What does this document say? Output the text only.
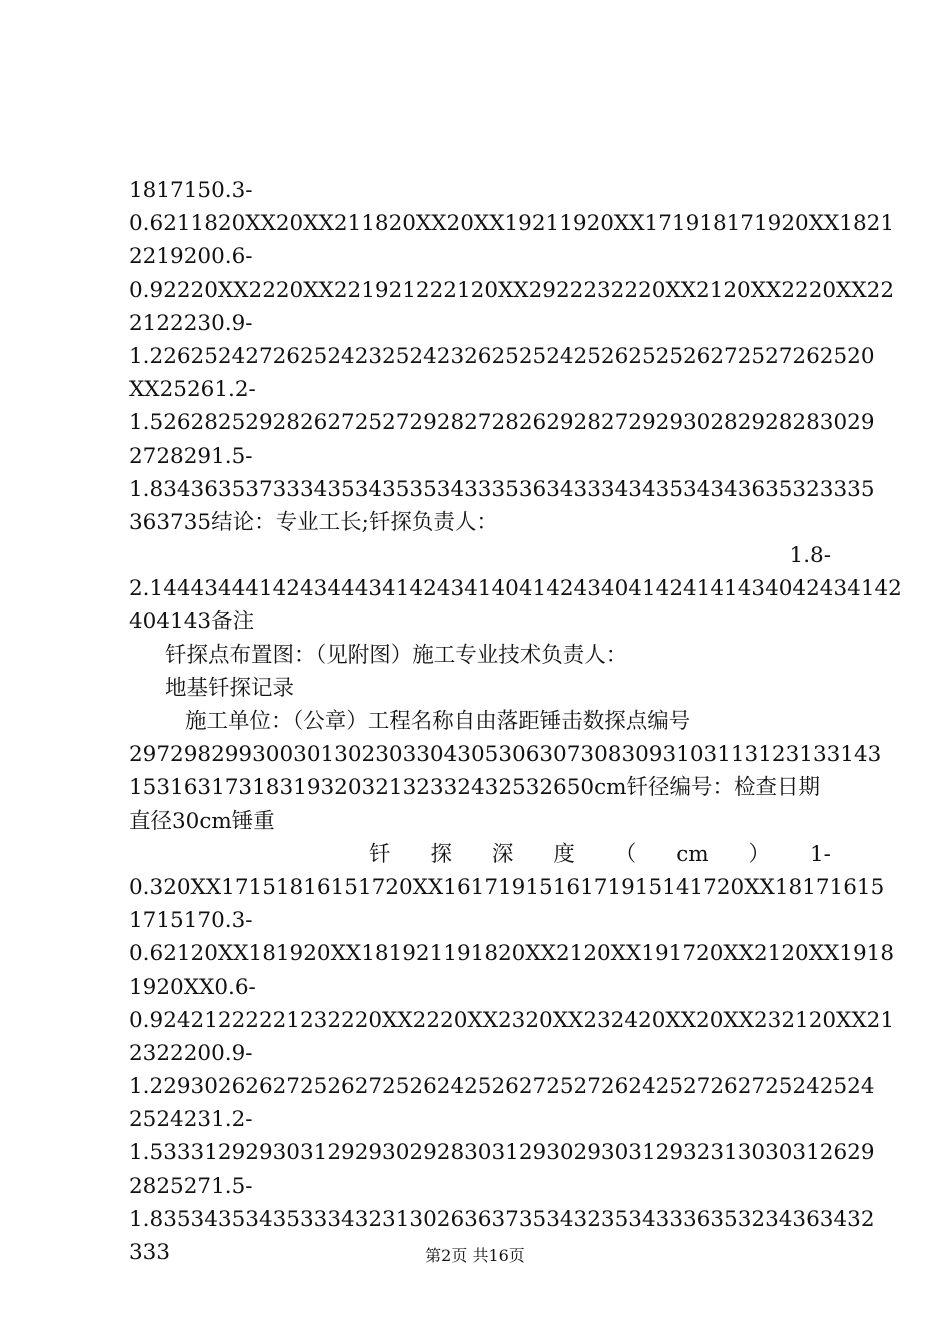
1817150.3-
0.6211820XX20XX211820XX20XX19211920XX171918171920XX1821
2219200.6-
0.92220XX2220XX221921222120XX2922232220XX2120XX2220XX22
2122230.9-
1.22625242726252423252423262525242526252526272527262520
XX25261.2-
1.52628252928262725272928272826292827292930282928283029
2728291.5-
1.83436353733343534353534333536343334343534343635323335
363735结论：专业工长;钎探负责人：
1.8-
2.1444344414243444341424341404142434041424141434042434142
404143备注
钎探点布置图：（见附图）施工专业技术负责人：
地基钎探记录
施工单位：（公章）工程名称自由落距锤击数探点编号
2972982993003013023033043053063073083093103113123133143
1531631731831932032132332432532650cm钎径编号：检查日期
直径30cm锤重
钎 探 深 度 （ cm ） 1-
0.320XX17151816151720XX1617191516171915141720XX18171615
1715170.3-
0.62120XX181920XX181921191820XX2120XX191720XX2120XX1918
1920XX0.6-
0.92421222221232220XX2220XX2320XX232420XX20XX232120XX21
2322200.9-
1.22930262627252627252624252627252726242527262725242524
2524231.2-
1.53331292930312929302928303129302930312932313030312629
2825271.5-
1.83534353435333432313026363735343235343336353234363432
333	第2页 共16页
